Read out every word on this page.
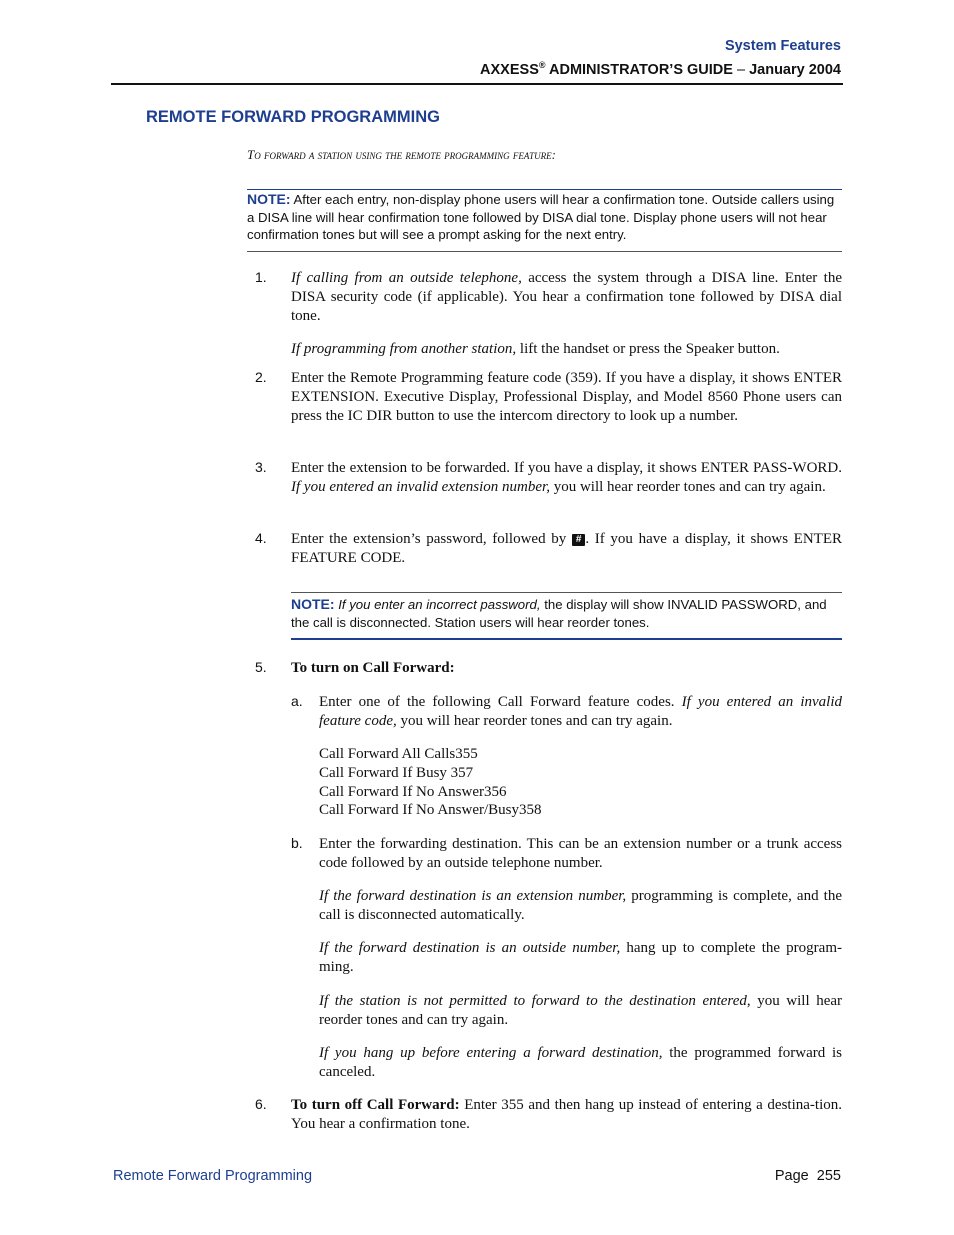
System Features
AXXESS® ADMINISTRATOR’S GUIDE – January 2004
REMOTE FORWARD PROGRAMMING
To forward a station using the remote programming feature:
NOTE: After each entry, non-display phone users will hear a confirmation tone. Outside callers using a DISA line will hear confirmation tone followed by DISA dial tone. Display phone users will not hear confirmation tones but will see a prompt asking for the next entry.
1. If calling from an outside telephone, access the system through a DISA line. Enter the DISA security code (if applicable). You hear a confirmation tone followed by DISA dial tone.
If programming from another station, lift the handset or press the Speaker button.
2. Enter the Remote Programming feature code (359). If you have a display, it shows ENTER EXTENSION. Executive Display, Professional Display, and Model 8560 Phone users can press the IC DIR button to use the intercom directory to look up a number.
3. Enter the extension to be forwarded. If you have a display, it shows ENTER PASS-WORD. If you entered an invalid extension number, you will hear reorder tones and can try again.
4. Enter the extension’s password, followed by # . If you have a display, it shows ENTER FEATURE CODE.
NOTE: If you enter an incorrect password, the display will show INVALID PASSWORD, and the call is disconnected. Station users will hear reorder tones.
5. To turn on Call Forward:
a. Enter one of the following Call Forward feature codes. If you entered an invalid feature code, you will hear reorder tones and can try again.
Call Forward All Calls355
Call Forward If Busy 357
Call Forward If No Answer356
Call Forward If No Answer/Busy358
b. Enter the forwarding destination. This can be an extension number or a trunk access code followed by an outside telephone number.
If the forward destination is an extension number, programming is complete, and the call is disconnected automatically.
If the forward destination is an outside number, hang up to complete the program-ming.
If the station is not permitted to forward to the destination entered, you will hear reorder tones and can try again.
If you hang up before entering a forward destination, the programmed forward is canceled.
6. To turn off Call Forward: Enter 355 and then hang up instead of entering a destina-tion. You hear a confirmation tone.
Remote Forward Programming	Page 255
